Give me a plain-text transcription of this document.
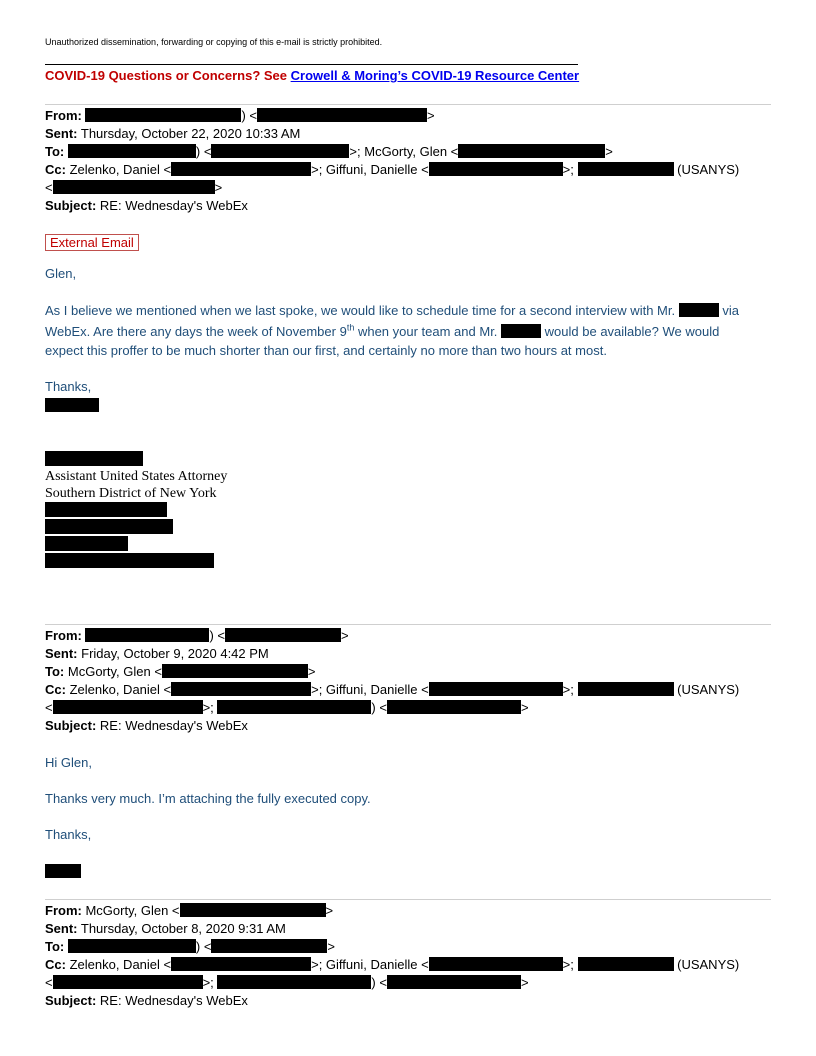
Unauthorized dissemination, forwarding or copying of this e-mail is strictly prohibited.
COVID-19 Questions or Concerns? See Crowell & Moring’s COVID-19 Resource Center
From:	) <	>
Sent: Thursday, October 22, 2020 10:33 AM
To:	) <	>; McGorty, Glen <	>
Cc: Zelenko, Daniel <	>; Giffuni, Danielle <	>;	(USANYS)
<	>
Subject: RE: Wednesday's WebEx
External Email
Glen,
As I believe we mentioned when we last spoke, we would like to schedule time for a second interview with Mr.	via
WebEx. Are there any days the week of November 9th when your team and Mr.	would be available? We would
expect this proffer to be much shorter than our first, and certainly no more than two hours at most.
Thanks,
Assistant United States Attorney
Southern District of New York
From:	) <	>
Sent: Friday, October 9, 2020 4:42 PM
To: McGorty, Glen <	>
Cc: Zelenko, Daniel <	>; Giffuni, Danielle <	>;	(USANYS)
<	>;	) <	>
Subject: RE: Wednesday's WebEx
Hi Glen,
Thanks very much. I’m attaching the fully executed copy.
Thanks,
From: McGorty, Glen <	>
Sent: Thursday, October 8, 2020 9:31 AM
To:	) <	>
Cc: Zelenko, Daniel <	>; Giffuni, Danielle <	>;	(USANYS)
<	>;	) <	>
Subject: RE: Wednesday's WebEx
